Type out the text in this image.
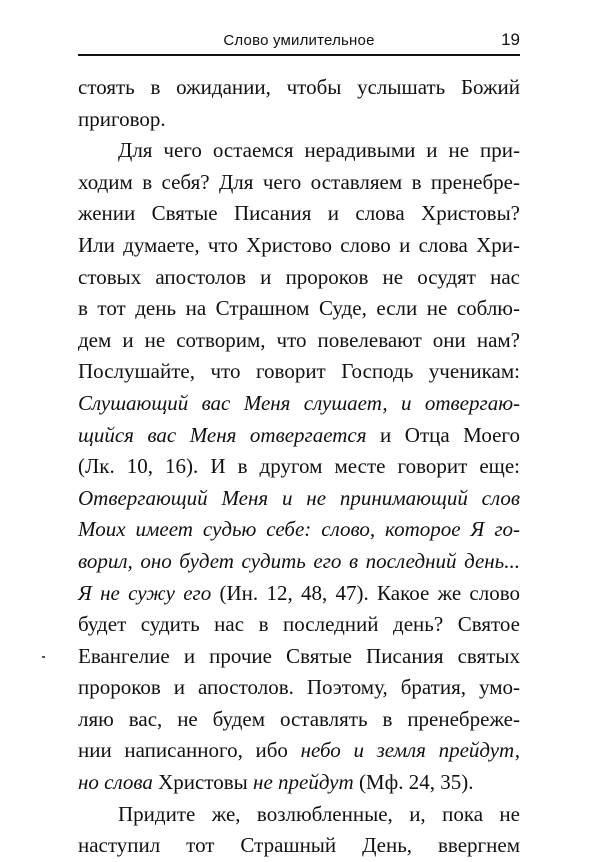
Слово умилительное	19
стоять в ожидании, чтобы услышать Божий
приговор.
Для чего остаемся нерадивыми и не при-
ходим в себя? Для чего оставляем в пренебре-
жении Святые Писания и слова Христовы?
Или думаете, что Христово слово и слова Хри-
стовых апостолов и пророков не осудят нас
в тот день на Страшном Суде, если не соблю-
дем и не сотворим, что повелевают они нам?
Послушайте, что говорит Господь ученикам:
Слушающий вас Меня слушает, и отвергаю-
щийся вас Меня отвергается и Отца Моего
(Лк. 10, 16). И в другом месте говорит еще:
Отвергающий Меня и не принимающий слов
Моих имеет судью себе: слово, которое Я го-
ворил, оно будет судить его в последний день...
Я не сужу его (Ин. 12, 48, 47). Какое же слово
будет судить нас в последний день? Святое
Евангелие и прочие Святые Писания святых
пророков и апостолов. Поэтому, братия, умо-
ляю вас, не будем оставлять в пренебреже-
нии написанного, ибо небо и земля прейдут,
но слова Христовы не прейдут (Мф. 24, 35).
Придите же, возлюбленные, и, пока не
наступил тот Страшный День, ввергнем
